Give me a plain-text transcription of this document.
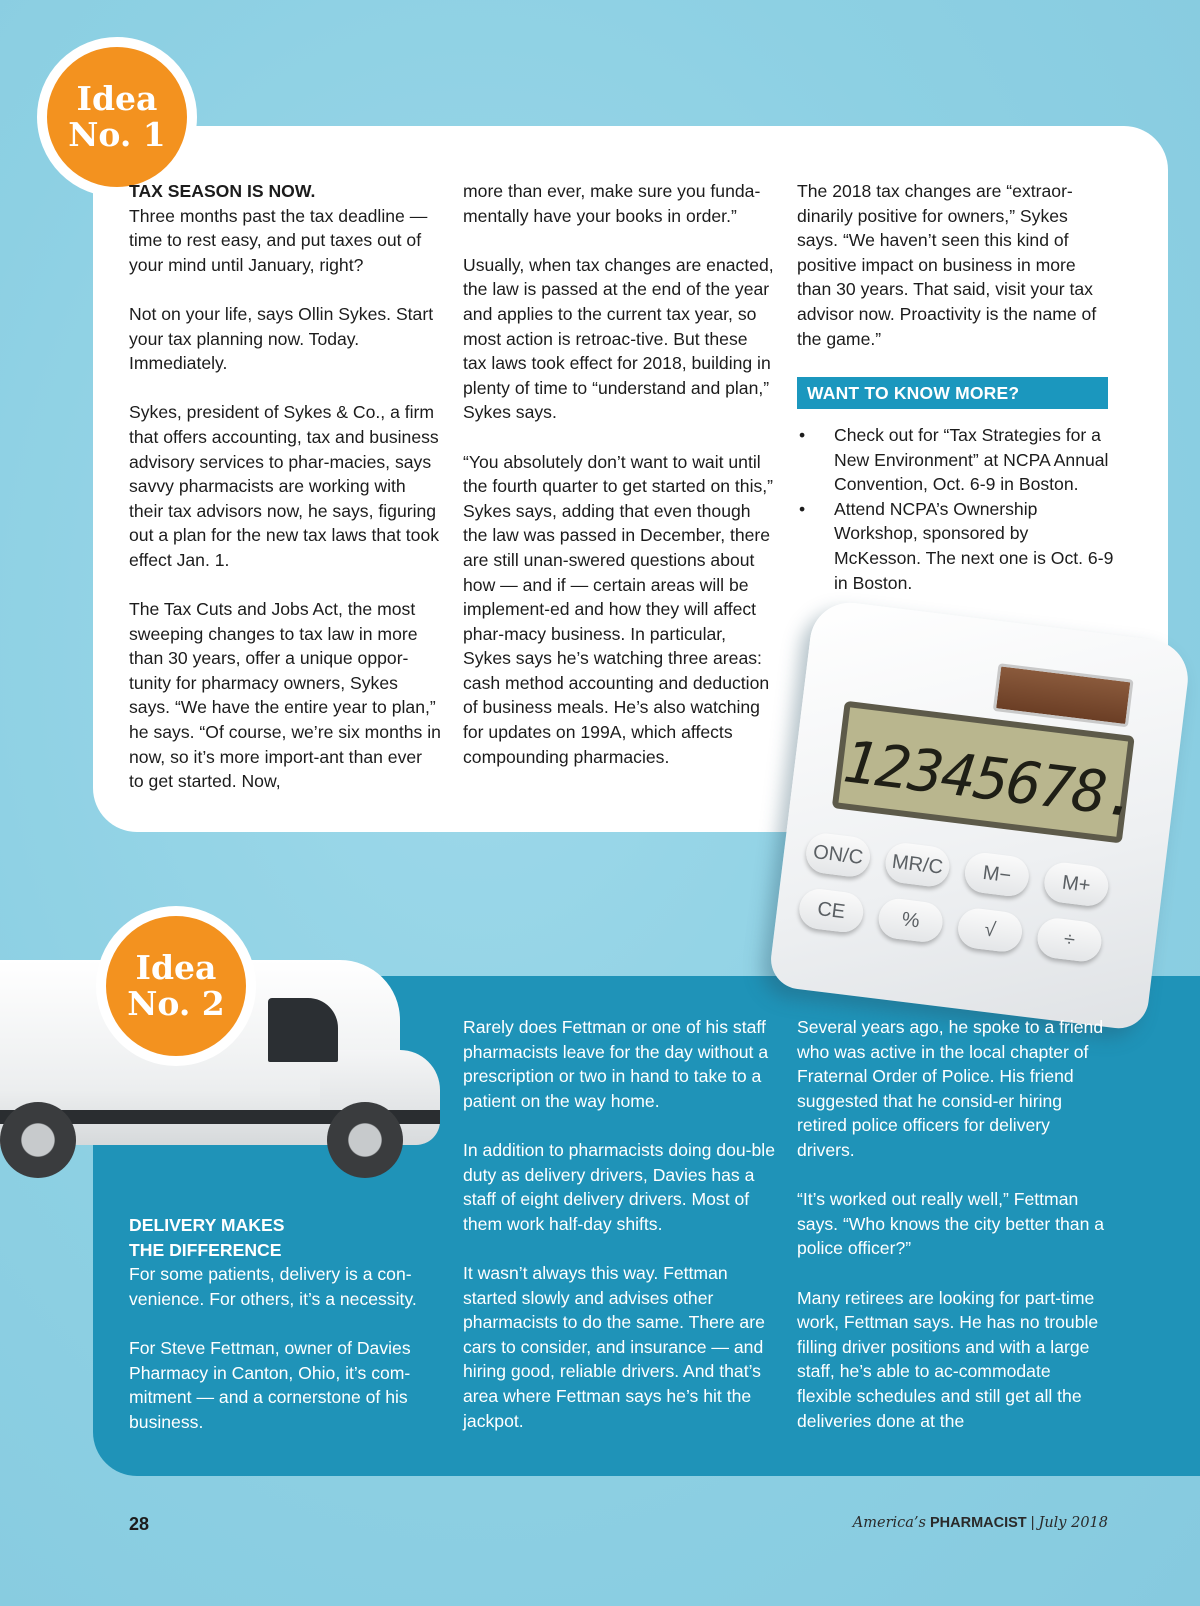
Idea
No. 1
TAX SEASON IS NOW.

Three months past the tax deadline — time to rest easy, and put taxes out of your mind until January, right?

Not on your life, says Ollin Sykes. Start your tax planning now. Today. Immediately.

Sykes, president of Sykes & Co., a firm that offers accounting, tax and business advisory services to phar-macies, says savvy pharmacists are working with their tax advisors now, he says, figuring out a plan for the new tax laws that took effect Jan. 1.

The Tax Cuts and Jobs Act, the most sweeping changes to tax law in more than 30 years, offer a unique oppor-tunity for pharmacy owners, Sykes says. “We have the entire year to plan,” he says. “Of course, we’re six months in now, so it’s more import-ant than ever to get started. Now,

more than ever, make sure you funda-mentally have your books in order.”

Usually, when tax changes are enacted, the law is passed at the end of the year and applies to the current tax year, so most action is retroac-tive. But these tax laws took effect for 2018, building in plenty of time to “understand and plan,” Sykes says.

“You absolutely don’t want to wait until the fourth quarter to get started on this,” Sykes says, adding that even though the law was passed in December, there are still unan-swered questions about how — and if — certain areas will be implement-ed and how they will affect phar-macy business. In particular, Sykes says he’s watching three areas: cash method accounting and deduction of business meals. He’s also watching for updates on 199A, which affects compounding pharmacies.

The 2018 tax changes are “extraor-dinarily positive for owners,” Sykes says. “We haven’t seen this kind of positive impact on business in more than 30 years. That said, visit your tax advisor now. Proactivity is the name of the game.”

WANT TO KNOW MORE?
• Check out for “Tax Strategies for a New Environment” at NCPA Annual Convention, Oct. 6-9 in Boston.
• Attend NCPA’s Ownership Workshop, sponsored by McKesson. The next one is Oct. 6-9 in Boston.
12345678.
ON/C	MR/C	M−	M+
CE	%	√	÷
Idea
No. 2
DELIVERY MAKES
THE DIFFERENCE

For some patients, delivery is a con-venience. For others, it’s a necessity.

For Steve Fettman, owner of Davies Pharmacy in Canton, Ohio, it’s com-mitment — and a cornerstone of his business.

Rarely does Fettman or one of his staff pharmacists leave for the day without a prescription or two in hand to take to a patient on the way home.

In addition to pharmacists doing dou-ble duty as delivery drivers, Davies has a staff of eight delivery drivers. Most of them work half-day shifts.

It wasn’t always this way. Fettman started slowly and advises other pharmacists to do the same. There are cars to consider, and insurance — and hiring good, reliable drivers. And that’s area where Fettman says he’s hit the jackpot.

Several years ago, he spoke to a friend who was active in the local chapter of Fraternal Order of Police. His friend suggested that he consid-er hiring retired police officers for delivery drivers.

“It’s worked out really well,” Fettman says. “Who knows the city better than a police officer?”

Many retirees are looking for part-time work, Fettman says. He has no trouble filling driver positions and with a large staff, he’s able to ac-commodate flexible schedules and still get all the deliveries done at the

28	America’s PHARMACIST | July 2018
